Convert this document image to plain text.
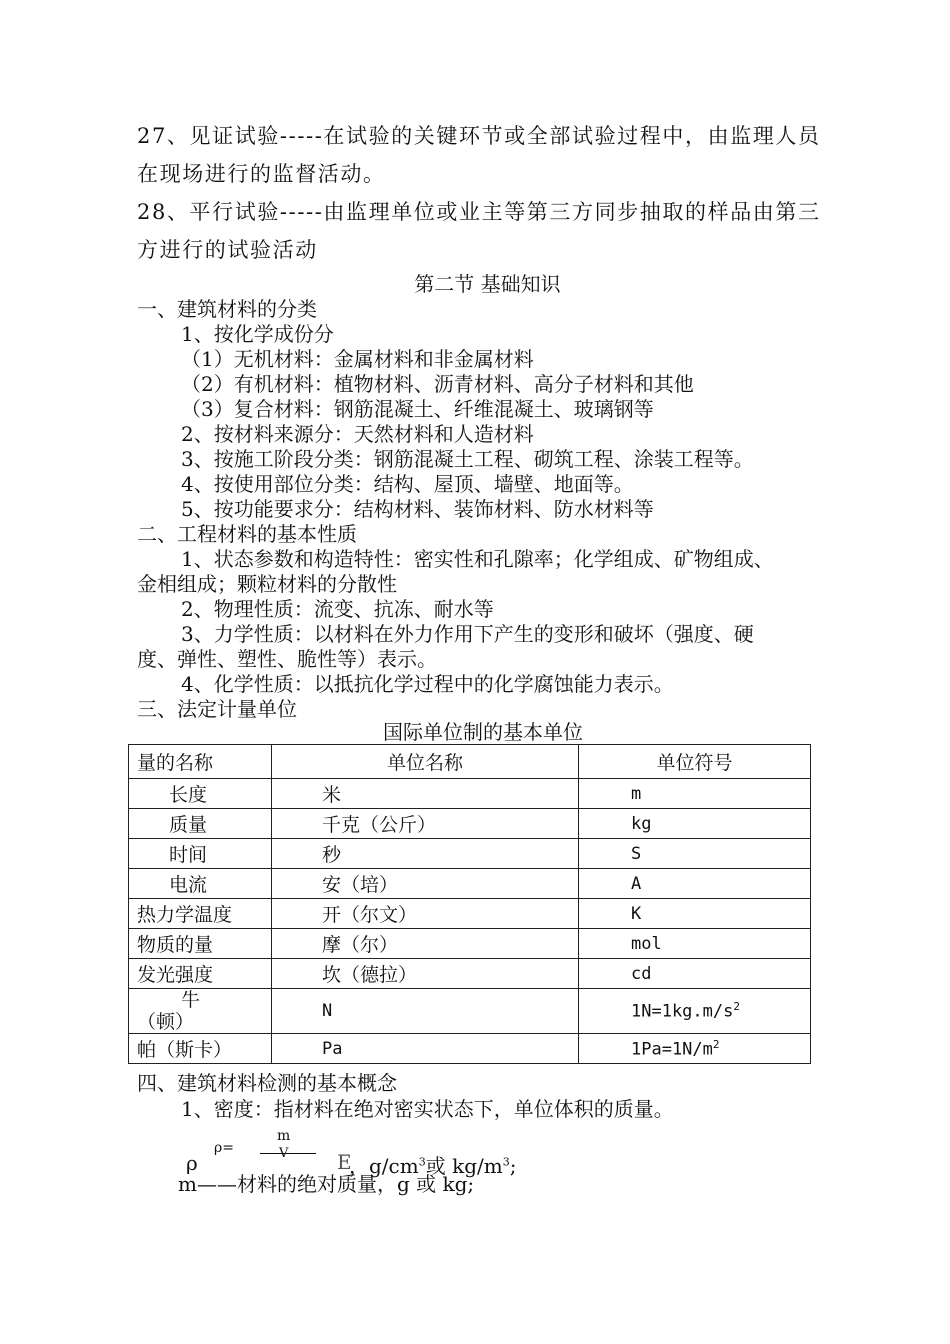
27、见证试验-----在试验的关键环节或全部试验过程中，由监理人员
在现场进行的监督活动。
28、平行试验-----由监理单位或业主等第三方同步抽取的样品由第三
方进行的试验活动
第二节 基础知识
一、建筑材料的分类
1、按化学成份分
（1）无机材料：金属材料和非金属材料
（2）有机材料：植物材料、沥青材料、高分子材料和其他
（3）复合材料：钢筋混凝土、纤维混凝土、玻璃钢等
2、按材料来源分：天然材料和人造材料
3、按施工阶段分类：钢筋混凝土工程、砌筑工程、涂装工程等。
4、按使用部位分类：结构、屋顶、墙壁、地面等。
5、按功能要求分：结构材料、装饰材料、防水材料等
二、工程材料的基本性质
1、状态参数和构造特性：密实性和孔隙率；化学组成、矿物组成、
金相组成；颗粒材料的分散性
2、物理性质：流变、抗冻、耐水等
3、力学性质：以材料在外力作用下产生的变形和破坏（强度、硬
度、弹性、塑性、脆性等）表示。
4、化学性质：以抵抗化学过程中的化学腐蚀能力表示。
三、法定计量单位
国际单位制的基本单位
量的名称	单位名称	单位符号
长度	米	m
质量	千克（公斤）	kg
时间	秒	S
电流	安（培）	A
热力学温度	开（尔文）	K
物质的量	摩（尔）	mol
发光强度	坎（德拉）	cd

牛
（顿）	N	$1N=1kg.m/s^2$
帕（斯卡）	Pa	$1Pa=1N/m^2$
四、建筑材料检测的基本概念
1、密度：指材料在绝对密实状态下，单位体积的质量。
ρ
ρ=
m
V E
，$g/cm^3$或 $kg/m^3$;
m——材料的绝对质量，g 或 kg;
